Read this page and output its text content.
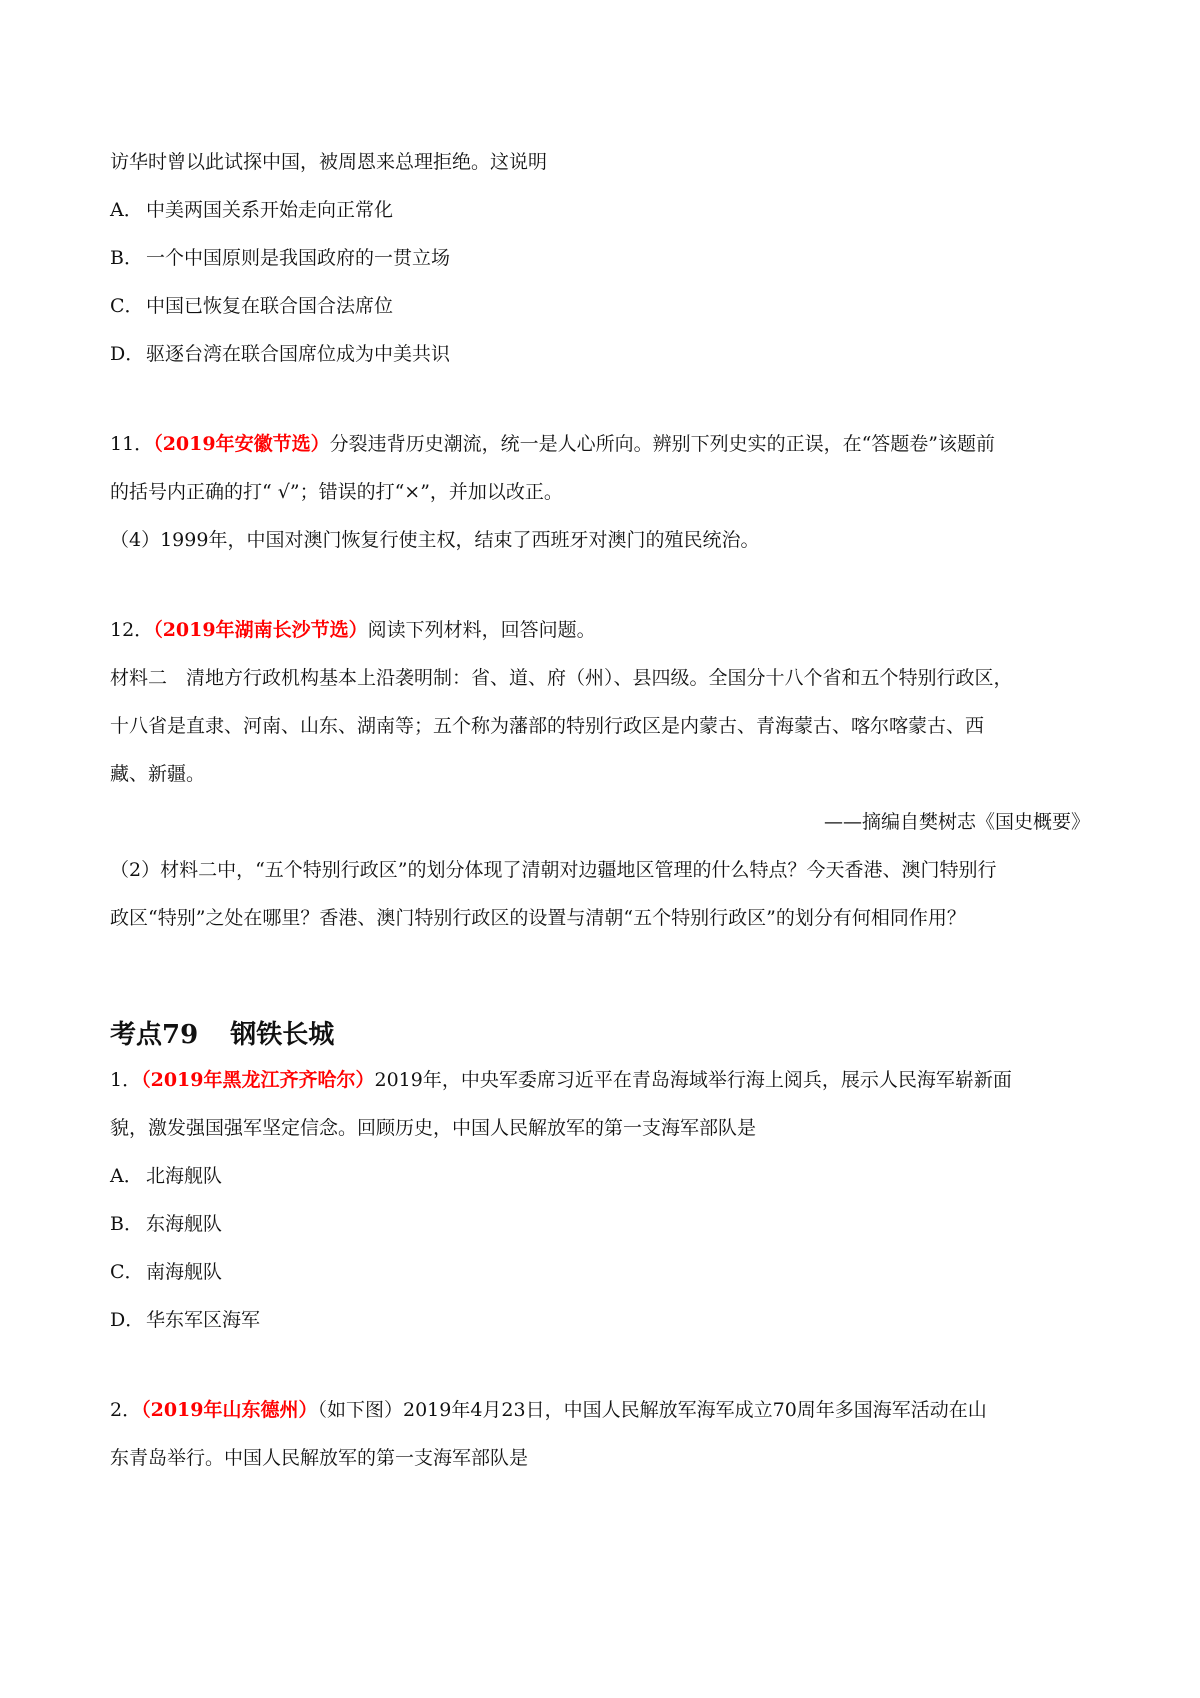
访华时曾以此试探中国，被周恩来总理拒绝。这说明
A． 中美两国关系开始走向正常化
B． 一个中国原则是我国政府的一贯立场
C． 中国已恢复在联合国合法席位
D． 驱逐台湾在联合国席位成为中美共识
11．（2019年安徽节选）分裂违背历史潮流，统一是人心所向。辨别下列史实的正误，在“答题卷”该题前
的括号内正确的打“ √”；错误的打“×”，并加以改正。
（4）1999年，中国对澳门恢复行使主权，结束了西班牙对澳门的殖民统治。
12．（2019年湖南长沙节选）阅读下列材料，回答问题。
材料二　清地方行政机构基本上沿袭明制：省、道、府（州）、县四级。全国分十八个省和五个特别行政区，
十八省是直隶、河南、山东、湖南等；五个称为藩部的特别行政区是内蒙古、青海蒙古、喀尔喀蒙古、西
藏、新疆。
——摘编自樊树志《国史概要》
（2）材料二中，“五个特别行政区”的划分体现了清朝对边疆地区管理的什么特点？今天香港、澳门特别行
政区“特别”之处在哪里？香港、澳门特别行政区的设置与清朝“五个特别行政区”的划分有何相同作用？
考点79 钢铁长城
1．（2019年黑龙江齐齐哈尔）2019年，中央军委席习近平在青岛海域举行海上阅兵，展示人民海军崭新面
貌，激发强国强军坚定信念。回顾历史，中国人民解放军的第一支海军部队是
A． 北海舰队
B． 东海舰队
C． 南海舰队
D． 华东军区海军
2．（2019年山东德州）（如下图）2019年4月23日，中国人民解放军海军成立70周年多国海军活动在山
东青岛举行。中国人民解放军的第一支海军部队是
